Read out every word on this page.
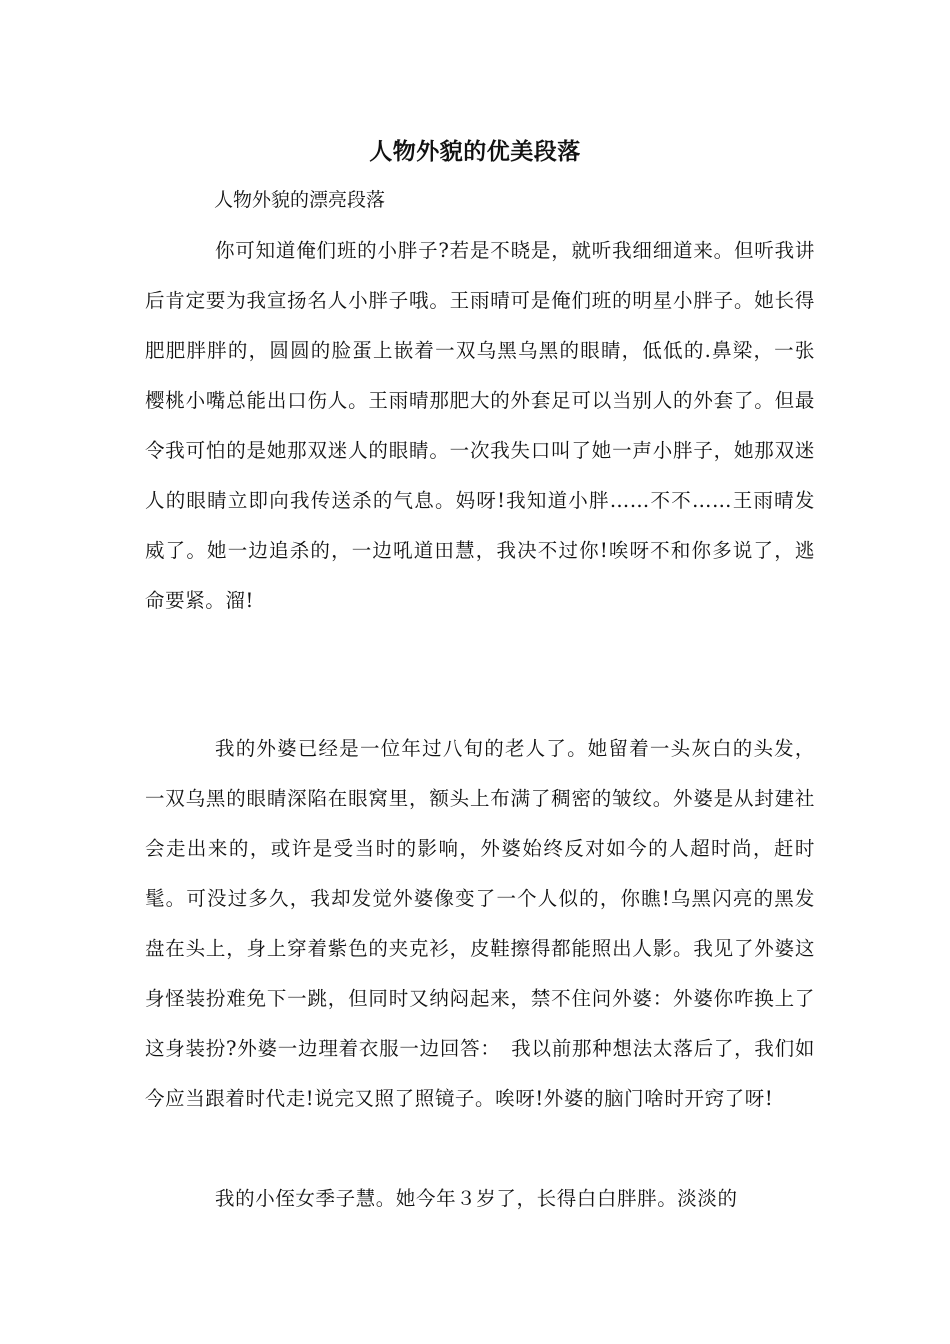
人物外貌的优美段落
人物外貌的漂亮段落

你可知道俺们班的小胖子?若是不晓是，就听我细细道来。但听我讲后肯定要为我宣扬名人小胖子哦。王雨晴可是俺们班的明星小胖子。她长得肥肥胖胖的，圆圆的脸蛋上嵌着一双乌黑乌黑的眼睛，低低的.鼻梁，一张樱桃小嘴总能出口伤人。王雨晴那肥大的外套足可以当别人的外套了。但最令我可怕的是她那双迷人的眼睛。一次我失口叫了她一声小胖子，她那双迷人的眼睛立即向我传送杀的气息。妈呀!我知道小胖……不不……王雨晴发威了。她一边追杀的，一边吼道田慧，我决不过你!唉呀不和你多说了，逃命要紧。溜!

我的外婆已经是一位年过八旬的老人了。她留着一头灰白的头发，一双乌黑的眼睛深陷在眼窝里，额头上布满了稠密的皱纹。外婆是从封建社会走出来的，或许是受当时的影响，外婆始终反对如今的人超时尚，赶时髦。可没过多久，我却发觉外婆像变了一个人似的，你瞧!乌黑闪亮的黑发盘在头上，身上穿着紫色的夹克衫，皮鞋擦得都能照出人影。我见了外婆这身怪装扮难免下一跳，但同时又纳闷起来，禁不住问外婆：外婆你咋换上了这身装扮?外婆一边理着衣服一边回答：　我以前那种想法太落后了，我们如今应当跟着时代走!说完又照了照镜子。唉呀!外婆的脑门啥时开窍了呀!

我的小侄女季子慧。她今年３岁了，长得白白胖胖。淡淡的
